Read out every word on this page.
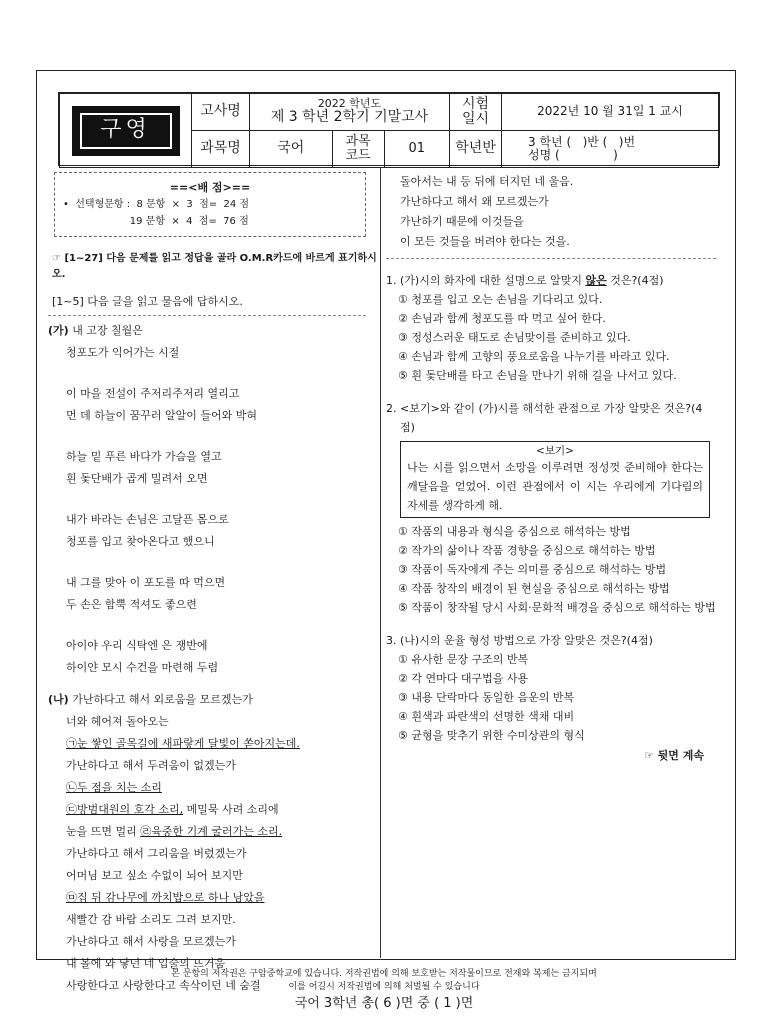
구영
	고사명	2022 학년도
제 3 학년 2학기 기말고사
	시험
일시	2022년 10 월 31일 1 교시
과목명		국어	과목
코드	01
	학년반	3 학년 (   )반 (   )번
성명 (              )
==<배 점>==
•  선택형문항 :  8 문항  ×  3  점=  24 점
19 문항  ×  4  점=  76 점
☞ [1~27] 다음 문제를 읽고 정답을 골라 O.M.R카드에 바르게 표기하시오.
[1~5] 다음 글을 읽고 물음에 답하시오.
(가) 내 고장 칠월은
청포도가 익어가는 시절
이 마을 전설이 주저리주저리 열리고
먼 데 하늘이 꿈꾸러 알알이 들어와 박혀
하늘 밑 푸른 바다가 가슴을 열고
흰 돛단배가 곱게 밀려서 오면
내가 바라는 손님은 고달픈 몸으로
청포를 입고 찾아온다고 했으니
내 그를 맞아 이 포도를 따 먹으면
두 손은 함뿍 적셔도 좋으련
아이야 우리 식탁엔 은 쟁반에
하이얀 모시 수건을 마련해 두렴
(나) 가난하다고 해서 외로움을 모르겠는가
너와 헤어져 돌아오는
㉠눈 쌓인 골목길에 새파랗게 달빛이 쏟아지는데.
가난하다고 해서 두려움이 없겠는가
㉡두 점을 치는 소리
㉢방범대원의 호각 소리, 메밀묵 사려 소리에
눈을 뜨면 멀리 ㉣육중한 기계 굴러가는 소리.
가난하다고 해서 그리움을 버렸겠는가
어머님 보고 싶소 수없이 뇌어 보지만
㉤집 뒤 감나무에 까치밥으로 하나 남았을
새빨간 감 바람 소리도 그려 보지만.
가난하다고 해서 사랑을 모르겠는가
내 볼에 와 닿던 네 입술의 뜨거움
사랑한다고 사랑한다고 속삭이던 네 숨결
돌아서는 내 등 뒤에 터지던 네 울음.
가난하다고 해서 왜 모르겠는가
가난하기 때문에 이것들을
이 모든 것들을 버려야 한다는 것을.
1. (가)시의 화자에 대한 설명으로 알맞지 않은 것은?(4점)
① 청포를 입고 오는 손님을 기다리고 있다.
② 손님과 함께 청포도를 따 먹고 싶어 한다.
③ 정성스러운 태도로 손님맞이를 준비하고 있다.
④ 손님과 함께 고향의 풍요로움을 나누기를 바라고 있다.
⑤ 흰 돛단배를 타고 손님을 만나기 위해 길을 나서고 있다.
2. <보기>와 같이 (가)시를 해석한 관점으로 가장 알맞은 것은?(4점)
<보기>
나는 시를 읽으면서 소망을 이루려면 정성껏 준비해야 한다는 깨달음을 얻었어. 이런 관점에서 이 시는 우리에게 기다림의 자세를 생각하게 해.
① 작품의 내용과 형식을 중심으로 해석하는 방법
② 작가의 삶이나 작품 경향을 중심으로 해석하는 방법
③ 작품이 독자에게 주는 의미를 중심으로 해석하는 방법
④ 작품 창작의 배경이 된 현실을 중심으로 해석하는 방법
⑤ 작품이 창작될 당시 사회·문화적 배경을 중심으로 해석하는 방법
3. (나)시의 운율 형성 방법으로 가장 알맞은 것은?(4점)
① 유사한 문장 구조의 반복
② 각 연마다 대구법을 사용
③ 내용 단락마다 동일한 음운의 반복
④ 흰색과 파란색의 선명한 색채 대비
⑤ 균형을 맞추기 위한 수미상관의 형식
☞ 뒷면 계속
본 문항의 저작권은 구암중학교에 있습니다. 저작권법에 의해 보호받는 저작물이므로 전재와 복제는 금지되며
이를 어길시 저작권법에 의해 처벌될 수 있습니다
국어 3학년 총( 6 )면 중 ( 1 )면
